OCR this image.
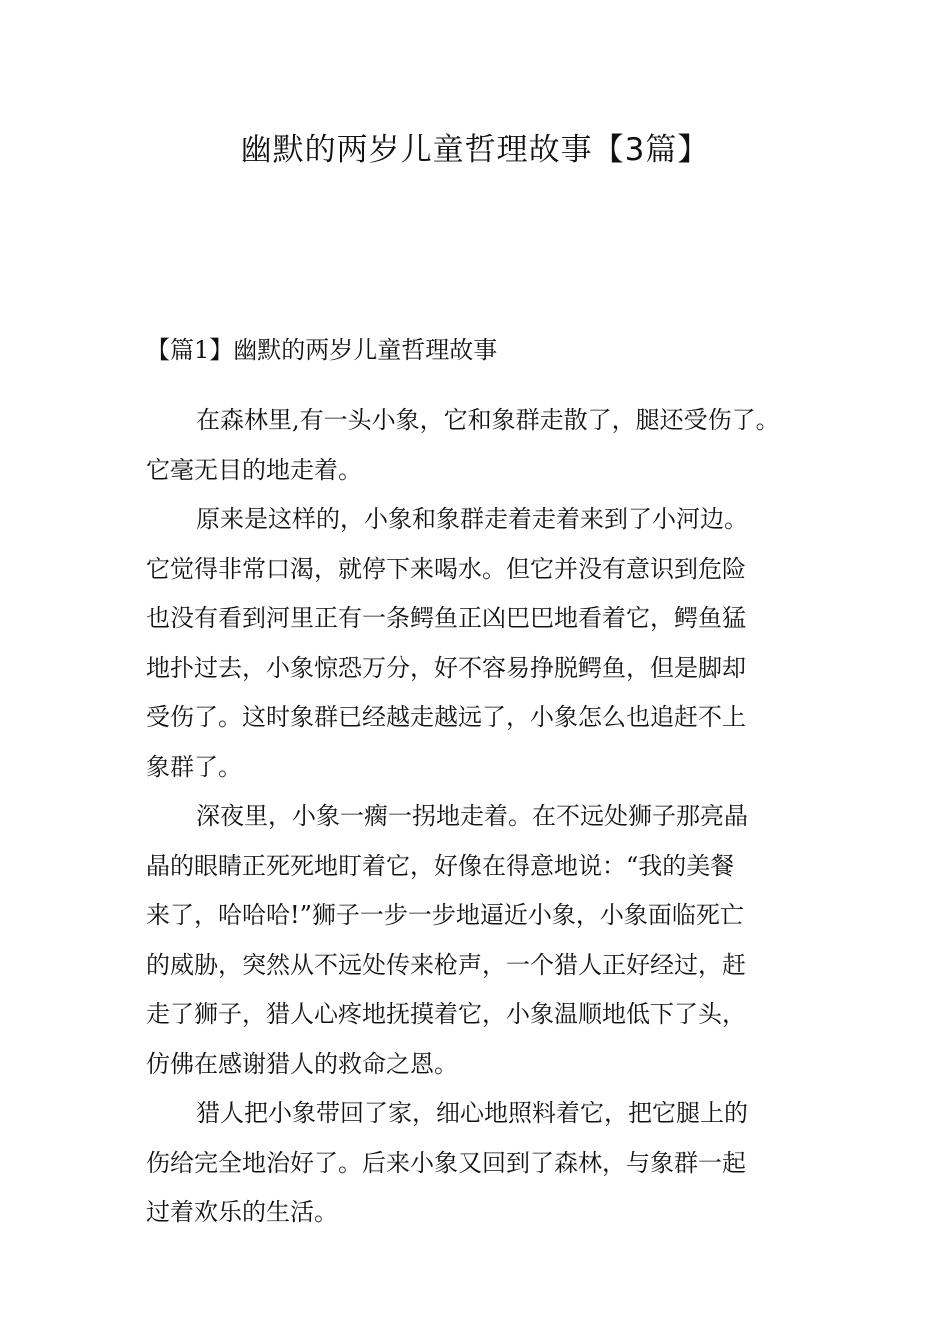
幽默的两岁儿童哲理故事【3篇】
【篇1】幽默的两岁儿童哲理故事

在森林里,有一头小象，它和象群走散了，腿还受伤了。
它毫无目的地走着。

原来是这样的，小象和象群走着走着来到了小河边。
它觉得非常口渴，就停下来喝水。但它并没有意识到危险
也没有看到河里正有一条鳄鱼正凶巴巴地看着它，鳄鱼猛
地扑过去，小象惊恐万分，好不容易挣脱鳄鱼，但是脚却
受伤了。这时象群已经越走越远了，小象怎么也追赶不上
象群了。

深夜里，小象一瘸一拐地走着。在不远处狮子那亮晶
晶的眼睛正死死地盯着它，好像在得意地说：“我的美餐
来了，哈哈哈!”狮子一步一步地逼近小象，小象面临死亡
的威胁，突然从不远处传来枪声，一个猎人正好经过，赶
走了狮子，猎人心疼地抚摸着它，小象温顺地低下了头，
仿佛在感谢猎人的救命之恩。

猎人把小象带回了家，细心地照料着它，把它腿上的
伤给完全地治好了。后来小象又回到了森林，与象群一起
过着欢乐的生活。
